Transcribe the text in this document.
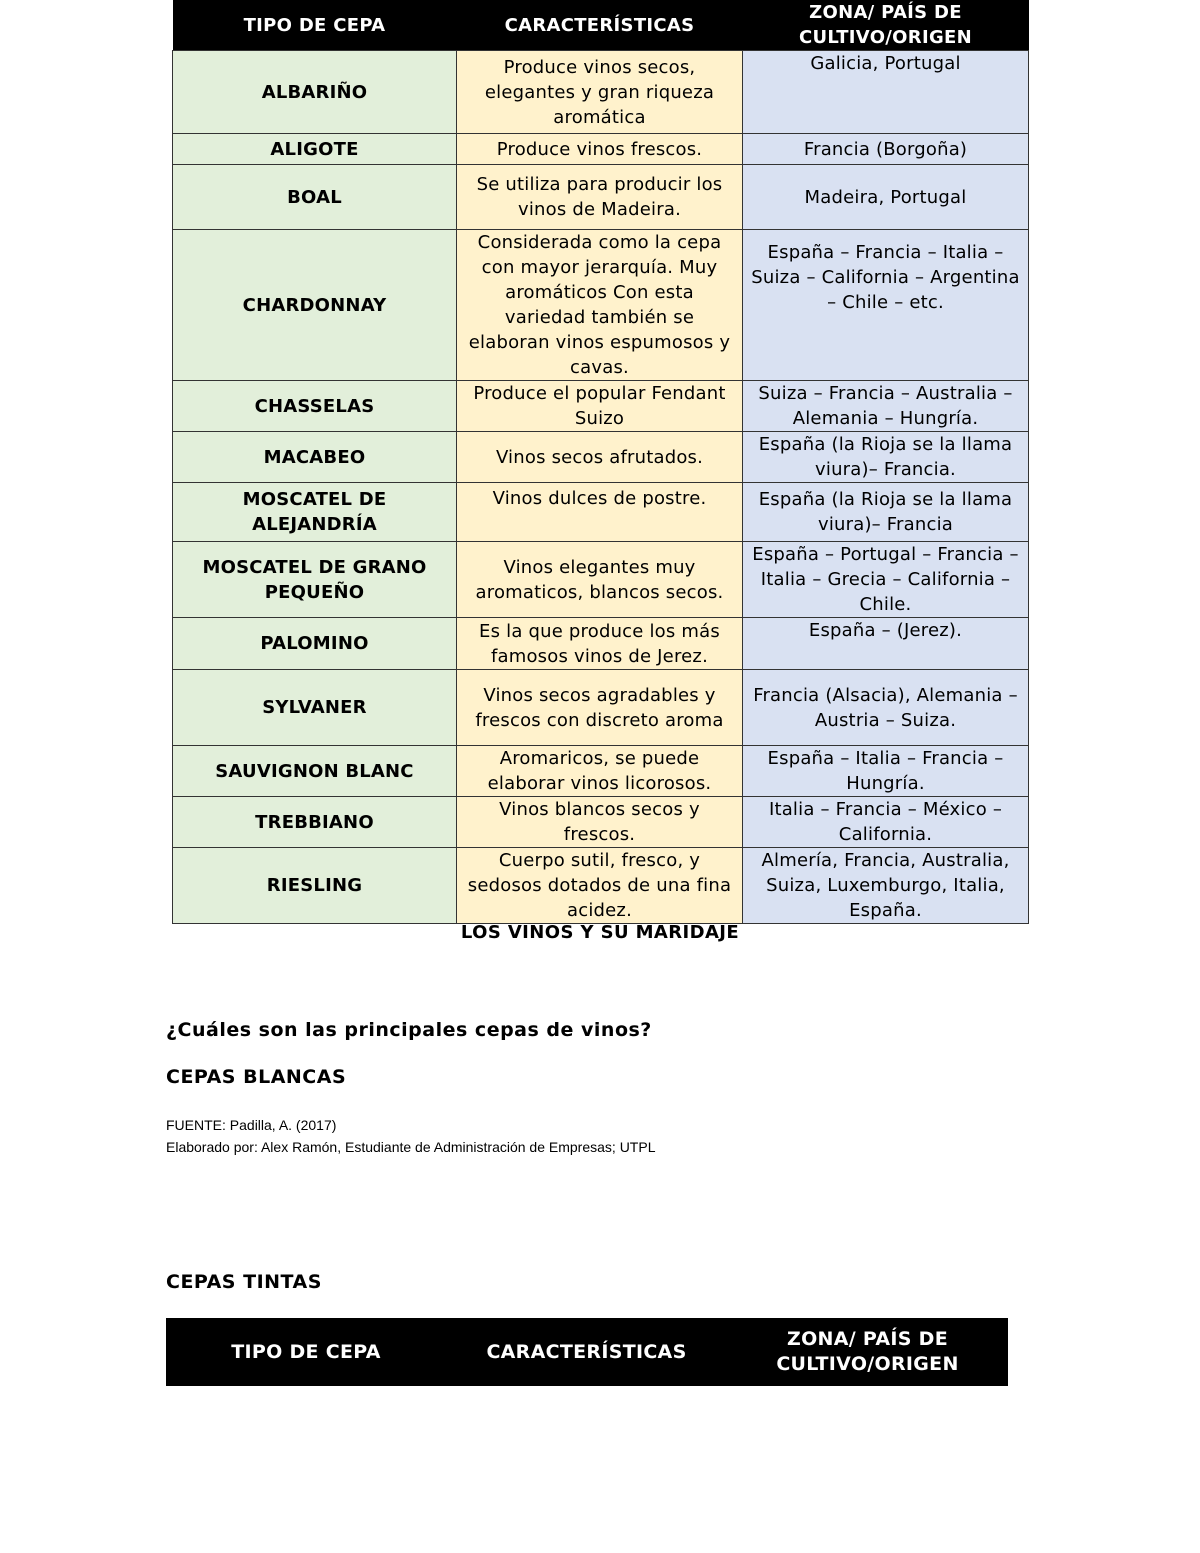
TIPO DE CEPA	CARACTERÍSTICAS	ZONA/ PAÍS DE CULTIVO/ORIGEN
ALBARIÑO	Produce vinos secos, elegantes y gran riqueza aromática	Galicia, Portugal
ALIGOTE	Produce vinos frescos.	Francia (Borgoña)
BOAL	Se utiliza para producir los vinos de Madeira.	Madeira, Portugal
CHARDONNAY	Considerada como la cepa con mayor jerarquía. Muy aromáticos Con esta variedad también se elaboran vinos espumosos y cavas.	España – Francia – Italia – Suiza – California – Argentina – Chile – etc.
CHASSELAS	Produce el popular Fendant Suizo	Suiza – Francia – Australia – Alemania – Hungría.
MACABEO	Vinos secos afrutados.	España (la Rioja se la llama viura)– Francia.
MOSCATEL DE ALEJANDRÍA	Vinos dulces de postre.	España (la Rioja se la llama viura)– Francia
MOSCATEL DE GRANO PEQUEÑO	Vinos elegantes muy aromaticos, blancos secos.	España – Portugal – Francia – Italia – Grecia – California – Chile.
PALOMINO	Es la que produce los más famosos vinos de Jerez.	España – (Jerez).
SYLVANER	Vinos secos agradables y frescos con discreto aroma	Francia (Alsacia), Alemania – Austria – Suiza.
SAUVIGNON BLANC	Aromaricos, se puede elaborar vinos licorosos.	España – Italia – Francia – Hungría.
TREBBIANO	Vinos blancos secos y frescos.	Italia – Francia – México – California.
RIESLING	Cuerpo sutil, fresco, y sedosos dotados de una fina acidez.	Almería, Francia, Australia, Suiza, Luxemburgo, Italia, España.
LOS VINOS Y SU MARIDAJE
¿Cuáles son las principales cepas de vinos?
CEPAS BLANCAS
FUENTE: Padilla, A. (2017)
Elaborado por: Alex Ramón, Estudiante de Administración de Empresas; UTPL
CEPAS TINTAS
TIPO DE CEPA	CARACTERÍSTICAS	ZONA/ PAÍS DE CULTIVO/ORIGEN
